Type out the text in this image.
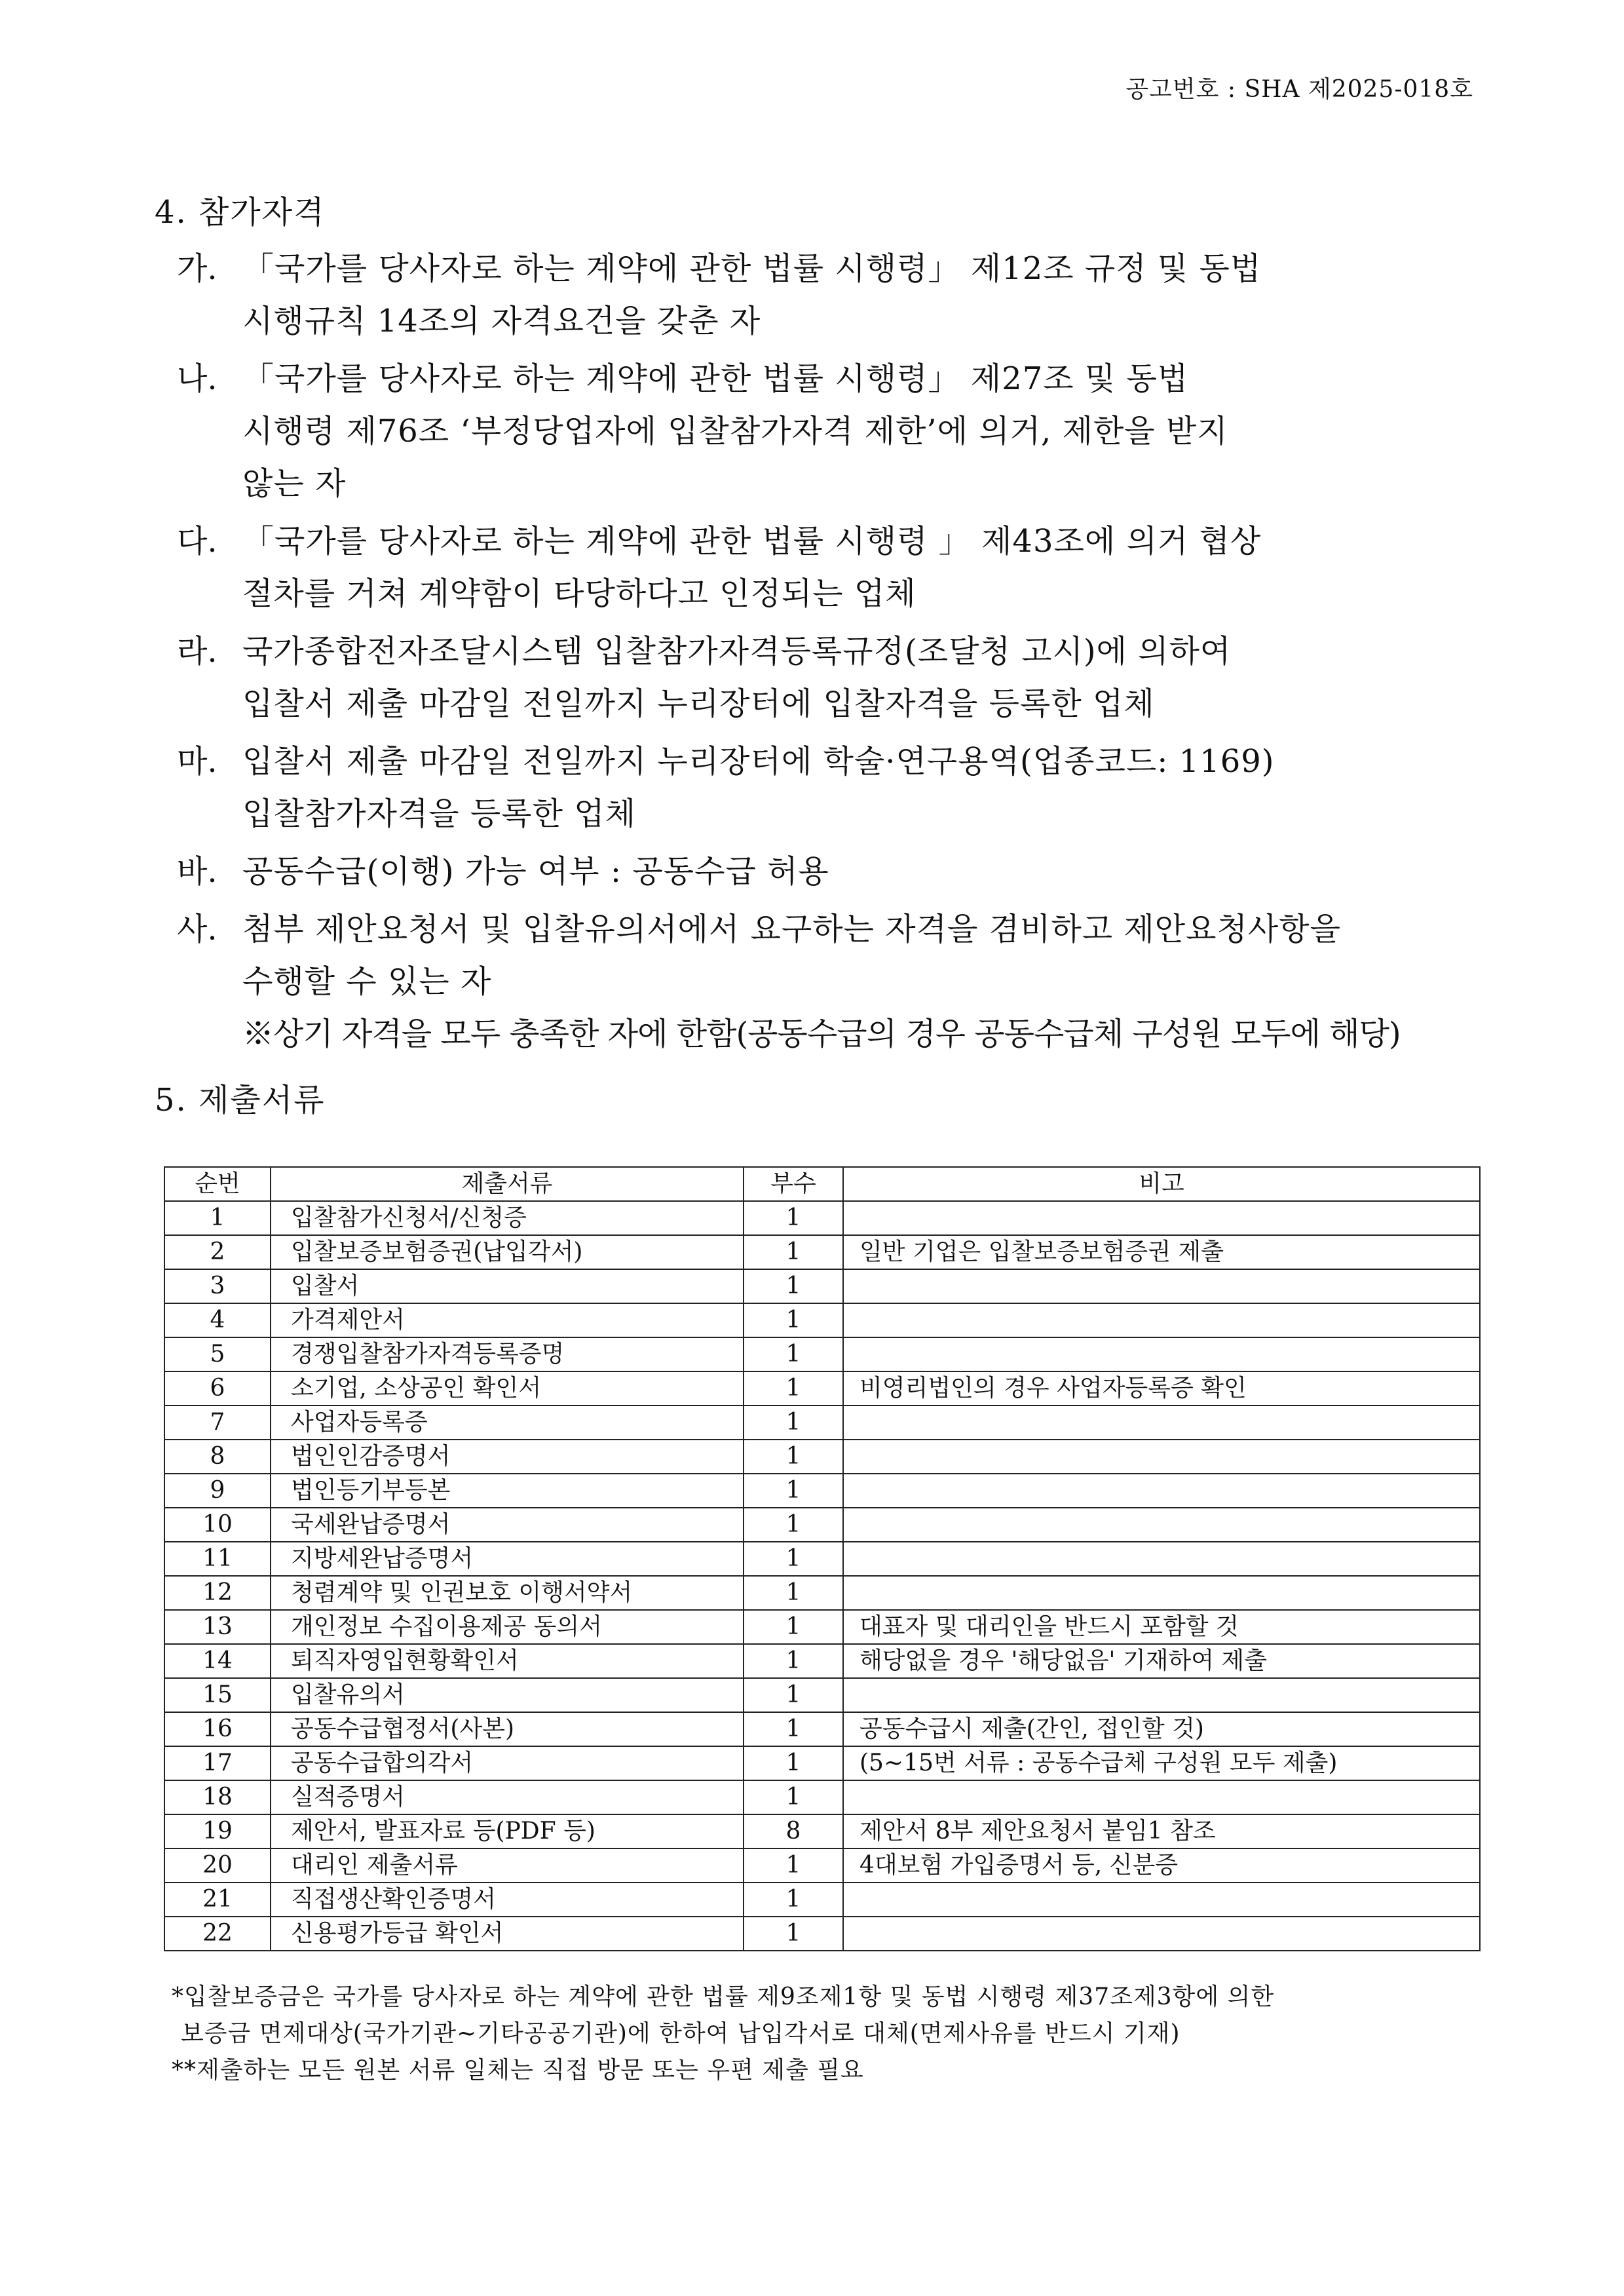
공고번호 : SHA 제2025-018호
4. 참가자격
가. 「국가를 당사자로 하는 계약에 관한 법률 시행령」 제12조 규정 및 동법
시행규칙 14조의 자격요건을 갖춘 자
나. 「국가를 당사자로 하는 계약에 관한 법률 시행령」 제27조 및 동법
시행령 제76조 ‘부정당업자에 입찰참가자격 제한’에 의거, 제한을 받지
않는 자
다. 「국가를 당사자로 하는 계약에 관한 법률 시행령 」 제43조에 의거 협상
절차를 거쳐 계약함이 타당하다고 인정되는 업체
라. 국가종합전자조달시스템 입찰참가자격등록규정(조달청 고시)에 의하여
입찰서 제출 마감일 전일까지 누리장터에 입찰자격을 등록한 업체
마. 입찰서 제출 마감일 전일까지 누리장터에 학술·연구용역(업종코드: 1169)
입찰참가자격을 등록한 업체
바. 공동수급(이행) 가능 여부 : 공동수급 허용
사. 첨부 제안요청서 및 입찰유의서에서 요구하는 자격을 겸비하고 제안요청사항을
수행할 수 있는 자
※상기 자격을 모두 충족한 자에 한함(공동수급의 경우 공동수급체 구성원 모두에 해당)
5. 제출서류
순번	제출서류	부수	비고
1	입찰참가신청서/신청증	1	
2	입찰보증보험증권(납입각서)	1	일반 기업은 입찰보증보험증권 제출
3	입찰서	1	
4	가격제안서	1	
5	경쟁입찰참가자격등록증명	1	
6	소기업, 소상공인 확인서	1	비영리법인의 경우 사업자등록증 확인
7	사업자등록증	1	
8	법인인감증명서	1	
9	법인등기부등본	1	
10	국세완납증명서	1	
11	지방세완납증명서	1	
12	청렴계약 및 인권보호 이행서약서	1	
13	개인정보 수집이용제공 동의서	1	대표자 및 대리인을 반드시 포함할 것
14	퇴직자영입현황확인서	1	해당없을 경우 '해당없음' 기재하여 제출
15	입찰유의서	1	
16	공동수급협정서(사본)	1	공동수급시 제출(간인, 접인할 것)
17	공동수급합의각서	1	(5~15번 서류 : 공동수급체 구성원 모두 제출)
18	실적증명서	1	
19	제안서, 발표자료 등(PDF 등)	8	제안서 8부 제안요청서 붙임1 참조
20	대리인 제출서류	1	4대보험 가입증명서 등, 신분증
21	직접생산확인증명서	1	
22	신용평가등급 확인서	1	
*입찰보증금은 국가를 당사자로 하는 계약에 관한 법률 제9조제1항 및 동법 시행령 제37조제3항에 의한
보증금 면제대상(국가기관~기타공공기관)에 한하여 납입각서로 대체(면제사유를 반드시 기재)
**제출하는 모든 원본 서류 일체는 직접 방문 또는 우편 제출 필요
